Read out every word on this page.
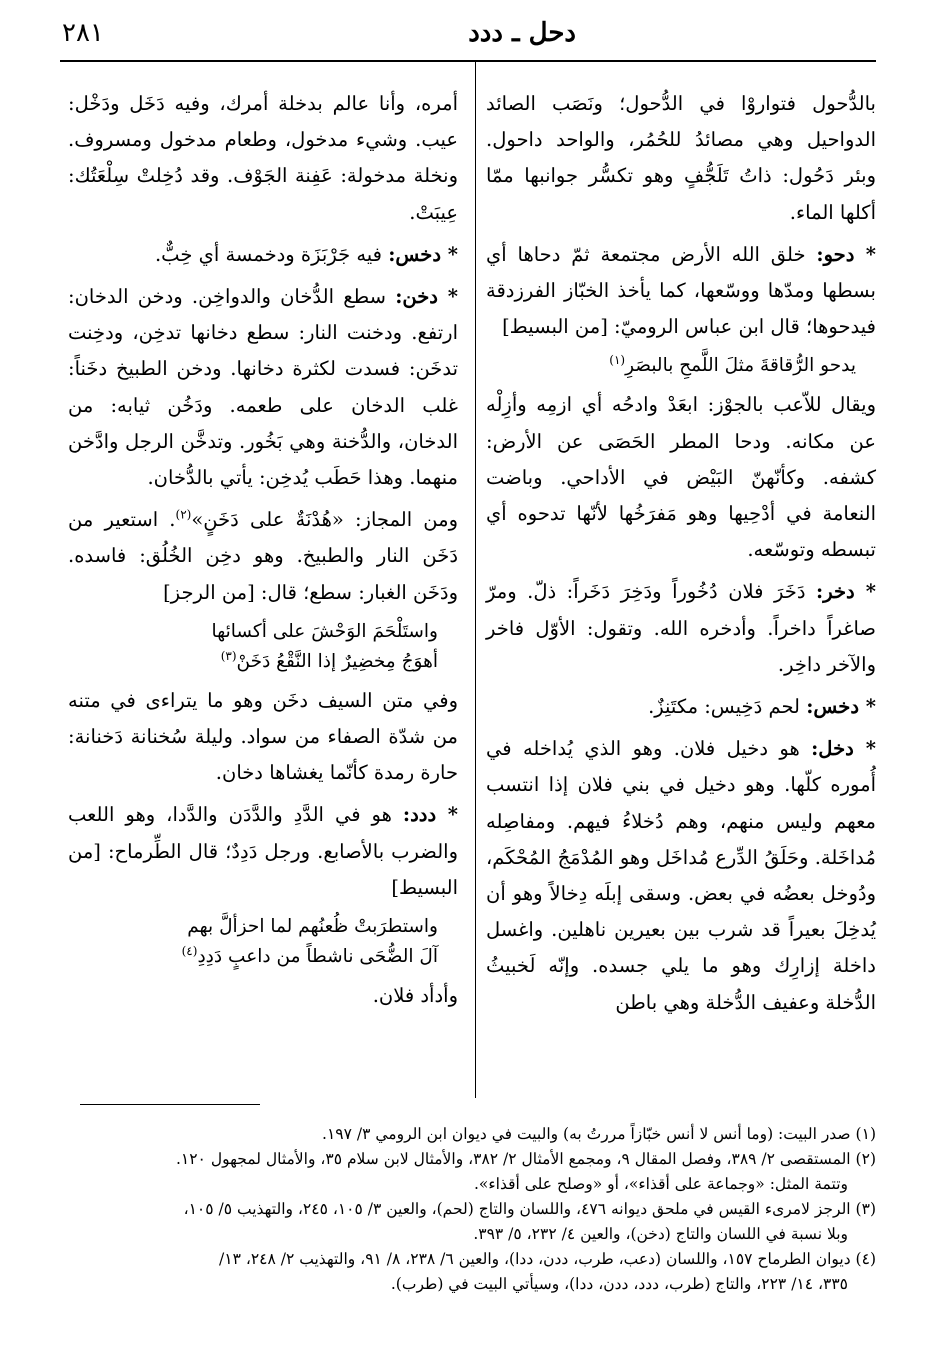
دحل ـ ددد
٢٨١

بالدُّحول فتواروْا في الدُّحول؛ ونَصَب الصائد الدواحيل وهي مصائدُ للحُمُر، والواحد داحول. وبئر دَحُول: ذاتُ تَلَجُّفٍ وهو تكسُّر جوانبها ممّا أكلها الماء.

* دحو: خلق الله الأرض مجتمعة ثمّ دحاها أي بسطها ومدّها ووسّعها، كما يأخذ الخبّاز الفرزدقة فيدحوها؛ قال ابن عباس الروميّ: [من البسيط]

يدحو الرُّقاقةَ مثلَ اللَّمحِ بالبصَرِ$^{(١)}$

ويقال للاّعب بالجوْز: ابعَدْ وادحُه أي ازمِه وأزِلْه عن مكانه. ودحا المطر الحَصَى عن الأرض: كشفه. وكأنّهنّ البَيْض في الأداحي. وباضت النعامة في أدْحِيها وهو مَفرَخُها لأنّها تدحوه أي تبسطه وتوسّعه.

* دخر: دَخَرَ فلان دُخُوراً ودَخِرَ دَخَراً: ذلّ. ومرّ صاغراً داخراً. وأدخره الله. وتقول: الأوّل فاخر والآخر داخِر.

* دخس: لحم دَخِيس: مكتَنِزٌ.

* دخل: هو دخيل فلان. وهو الذي يُداخله في أُموره كلّها. وهو دخيل في بني فلان إذا انتسب معهم وليس منهم، وهم دُخلاءُ فيهم. ومفاصِله مُداخَلة. وحَلَقُ الدِّرع مُداخَل وهو المُدْمَجُ المُحْكَم، ودُوخل بعضُه في بعض. وسقى إبلَه دِخالاً وهو أن يُدخِلَ بعيراً قد شرب بين بعيرين ناهلين. واغسل داخلة إزارِك وهو ما يلي جسده. وإنّه لَخبيثُ الدُّخلة وعفيف الدُّخلة وهي باطن

أمره، وأنا عالم بدخلة أمرك، وفيه دَخَل ودَخْل: عيب. وشيء مدخول، وطعام مدخول ومسروف. ونخلة مدخولة: عَفِنة الجَوْف. وقد دُخِلتْ سِلْعَتُك: عِيبَتْ.

* دخس: فيه جَرْبَزَة ودخمسة أي خِبٌّ.

* دخن: سطع الدُّخان والدواخِن. ودخن الدخان: ارتفع. ودخنت النار: سطع دخانها تدخِن، ودخِنت تدخَن: فسدت لكثرة دخانها. ودخن الطبيخ دخَناً: غلب الدخان على طعمه. ودَخُن ثيابه: من الدخان، والدُّخنة وهي بَخُور. وتدخَّن الرجل وادَّخن منهما. وهذا حَطَب يُدخِن: يأتي بالدُّخان.

ومن المجاز: «هُدْنَةٌ على دَخَنٍ»$^{(٢)}$. استعير من دَخَن النار والطبيخ. وهو دخِن الخُلُق: فاسده. ودَخَن الغبار: سطع؛ قال: [من الرجز]

واستَلْحَمَ الوَحْشَ على أكسائها
أهوَجُ مِخضِيرٌ إذا النَّقْعُ دَخَنْ$^{(٣)}$

وفي متن السيف دخَن وهو ما يتراءى في متنه من شدّة الصفاء من سواد. وليلة سُخنانة دَخنانة: حارة رمدة كأنّما يغشاها دخان.

* ددد: هو في الدَّدِ والدَّدَن والدَّدا، وهو اللعب والضرب بالأصابع. ورجل دَدِدٌ؛ قال الطِّرماح: [من البسيط]

واستطرَبتْ ظُعنُهم لما احزألَّ بهم
آلَ الضُّحَى ناشطاً من داعبٍ دَدِدِ$^{(٤)}$

وأدأد فلان.

(١) صدر البيت: (وما أنس لا أنس خبّازاً مررتُ به) والبيت في ديوان ابن الرومي ٣/ ١٩٧.

(٢) المستقصى ٢/ ٣٨٩، وفصل المقال ٩، ومجمع الأمثال ٢/ ٣٨٢، والأمثال لابن سلام ٣٥، والأمثال لمجهول ١٢٠.
وتتمة المثل: «وجماعة على أقذاء»، أو «وصلح على أقذاء».

(٣) الرجز لامرىء القيس في ملحق ديوانه ٤٧٦، واللسان والتاج (لحم)، والعين ٣/ ١٠٥، ٢٤٥، والتهذيب ٥/ ١٠٥،
وبلا نسبة في اللسان والتاج (دخن)، والعين ٤/ ٢٣٢، ٥/ ٣٩٣.

(٤) ديوان الطرماح ١٥٧، واللسان (دعب، طرب، ددن، ددا)، والعين ٦/ ٢٣٨، ٨/ ٩١، والتهذيب ٢/ ٢٤٨، ١٣/
٣٣٥، ١٤/ ٢٢٣، والتاج (طرب، ددد، ددن، ددا)، وسيأتي البيت في (طرب).
